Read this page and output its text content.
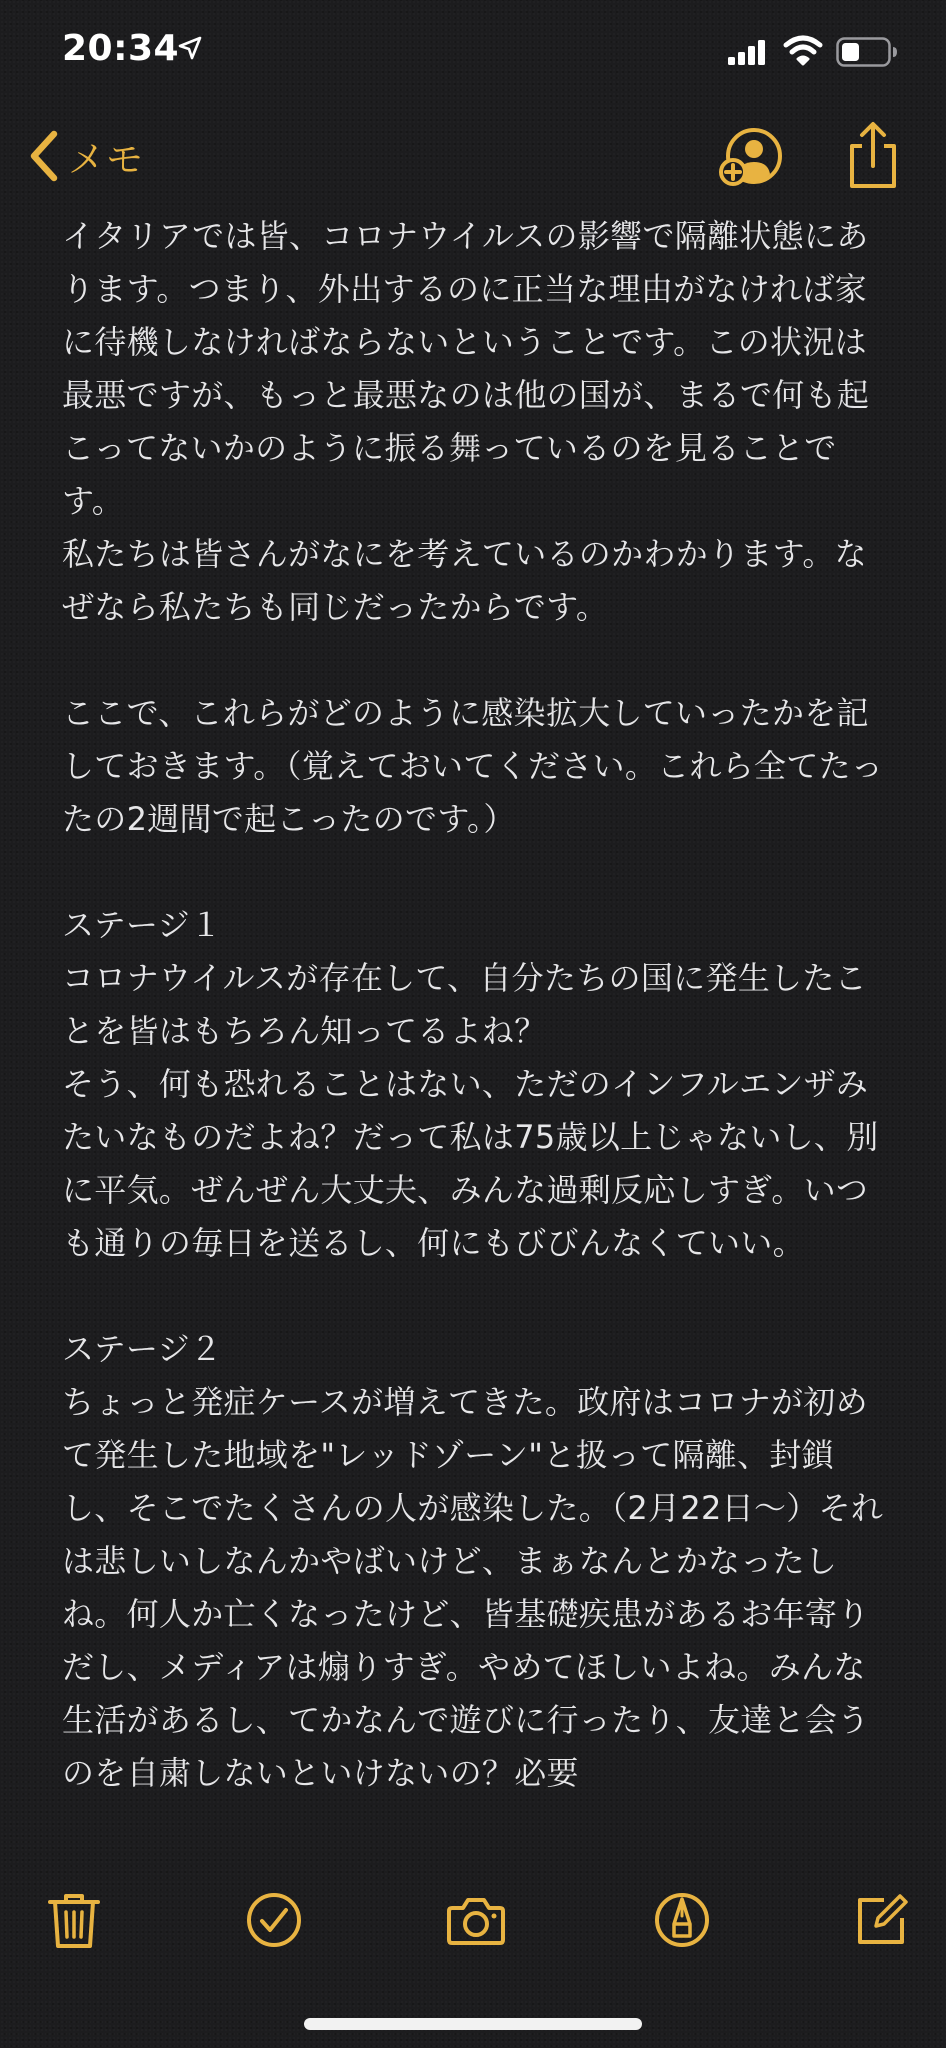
20:34
メモ

イタリアでは皆、コロナウイルスの影響で隔離状態にあります。つまり、外出するのに正当な理由がなければ家に待機しなければならないということです。この状況は最悪ですが、もっと最悪なのは他の国が、まるで何も起こってないかのように振る舞っているのを見ることです。

私たちは皆さんがなにを考えているのかわかります。なぜなら私たちも同じだったからです。

ここで、これらがどのように感染拡大していったかを記しておきます。（覚えておいてください。これら全てたったの2週間で起こったのです。）

ステージ１

コロナウイルスが存在して、自分たちの国に発生したことを皆はもちろん知ってるよね？

そう、何も恐れることはない、ただのインフルエンザみたいなものだよね？だって私は75歳以上じゃないし、別に平気。ぜんぜん大丈夫、みんな過剰反応しすぎ。いつも通りの毎日を送るし、何にもびびんなくていい。

ステージ２

ちょっと発症ケースが増えてきた。政府はコロナが初めて発生した地域を"レッドゾーン"と扱って隔離、封鎖し、そこでたくさんの人が感染した。（2月22日〜）それは悲しいしなんかやばいけど、まぁなんとかなったしね。何人か亡くなったけど、皆基礎疾患があるお年寄りだし、メディアは煽りすぎ。やめてほしいよね。みんな生活があるし、てかなんで遊びに行ったり、友達と会うのを自粛しないといけないの？必要
